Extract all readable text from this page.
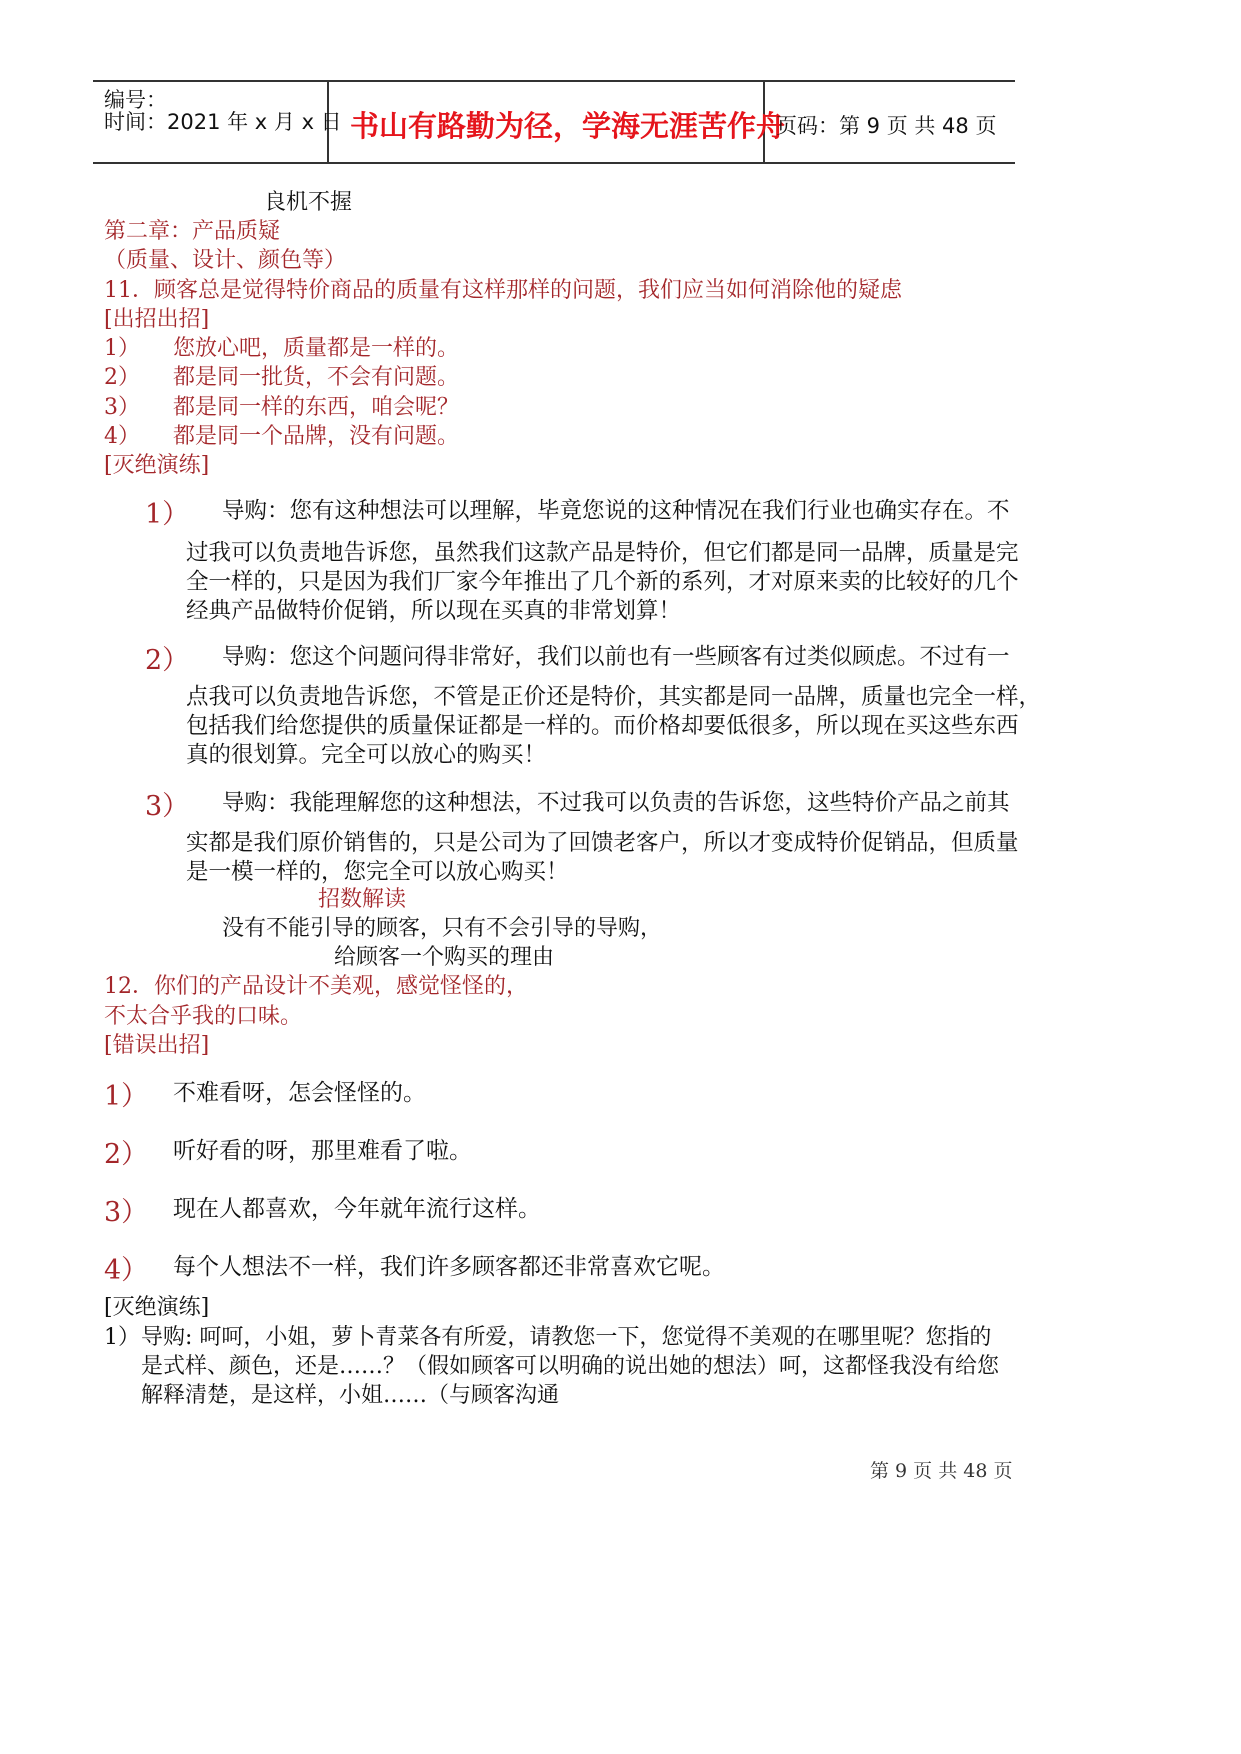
编号：
时间：2021 年 x 月 x 日 书山有路勤为径，学海无涯苦作舟
页码：第 9 页 共 48 页
良机不握
第二章：产品质疑
（质量、设计、颜色等）
11．顾客总是觉得特价商品的质量有这样那样的问题，我们应当如何消除他的疑虑
[出招出招]
1） 您放心吧，质量都是一样的。
2） 都是同一批货，不会有问题。
3） 都是同一样的东西，咱会呢？
4） 都是同一个品牌，没有问题。
[灭绝演练]
1） 导购：您有这种想法可以理解，毕竟您说的这种情况在我们行业也确实存在。不
过我可以负责地告诉您，虽然我们这款产品是特价，但它们都是同一品牌，质量是完
全一样的，只是因为我们厂家今年推出了几个新的系列，才对原来卖的比较好的几个
经典产品做特价促销，所以现在买真的非常划算！
2） 导购：您这个问题问得非常好，我们以前也有一些顾客有过类似顾虑。不过有一
点我可以负责地告诉您，不管是正价还是特价，其实都是同一品牌，质量也完全一样，
包括我们给您提供的质量保证都是一样的。而价格却要低很多，所以现在买这些东西
真的很划算。完全可以放心的购买！
3） 导购：我能理解您的这种想法，不过我可以负责的告诉您，这些特价产品之前其
实都是我们原价销售的，只是公司为了回馈老客户，所以才变成特价促销品，但质量
是一模一样的，您完全可以放心购买！
招数解读
没有不能引导的顾客，只有不会引导的导购，
给顾客一个购买的理由
12．你们的产品设计不美观，感觉怪怪的，
不太合乎我的口味。
[错误出招]
1） 不难看呀，怎会怪怪的。
2） 听好看的呀，那里难看了啦。
3） 现在人都喜欢，今年就年流行这样。
4） 每个人想法不一样，我们许多顾客都还非常喜欢它呢。
[灭绝演练]
1） 导购: 呵呵，小姐，萝卜青菜各有所爱，请教您一下，您觉得不美观的在哪里呢？您指的
是式样、颜色，还是……？（假如顾客可以明确的说出她的想法）呵，这都怪我没有给您
解释清楚，是这样，小姐……（与顾客沟通
第 9 页 共 48 页
